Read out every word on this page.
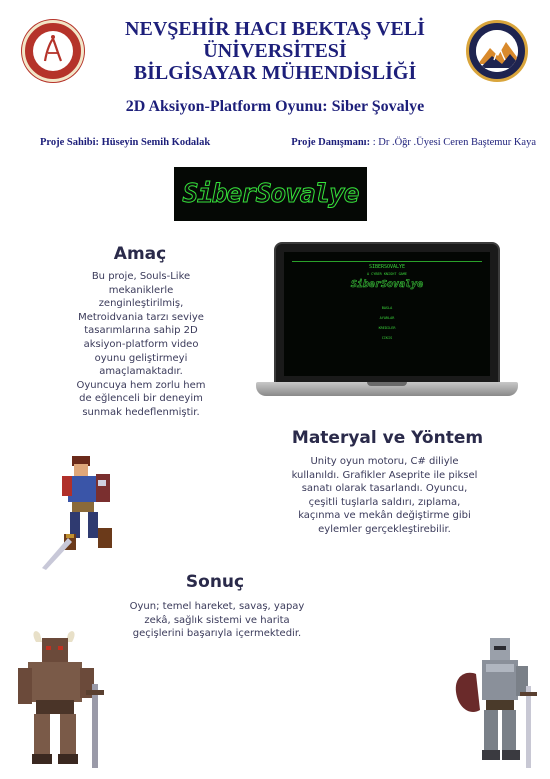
NEVŞEHİR HACI BEKTAŞ VELİ
ÜNİVERSİTESİ
BİLGİSAYAR MÜHENDİSLİĞİ
2D Aksiyon-Platform Oyunu: Siber Şovalye
Proje Sahibi: Hüseyin Semih Kodalak	Proje Danışmanı: : Dr .Öğr .Üyesi Ceren Baştemur Kaya
SiberSovalye
Amaç
Bu proje, Souls-Like
mekaniklerle
zenginleştirilmiş,
Metroidvania tarzı seviye
tasarımlarına sahip 2D
aksiyon-platform video
oyunu geliştirmeyi
amaçlamaktadır.
Oyuncuya hem zorlu hem
de eğlenceli bir deneyim
sunmak hedeflenmiştir.
SIBERSOVALYE
A CYBER KNIGHT GAME
SiberSovalye
BASLA
AYARLAR
KREDILER
CIKIS
Materyal ve Yöntem
Unity oyun motoru, C# diliyle
kullanıldı. Grafikler Aseprite ile piksel
sanatı olarak tasarlandı. Oyuncu,
çeşitli tuşlarla saldırı, zıplama,
kaçınma ve mekân değiştirme gibi
eylemler gerçekleştirebilir.
Sonuç
Oyun; temel hareket, savaş, yapay
zekâ, sağlık sistemi ve harita
geçişlerini başarıyla içermektedir.
